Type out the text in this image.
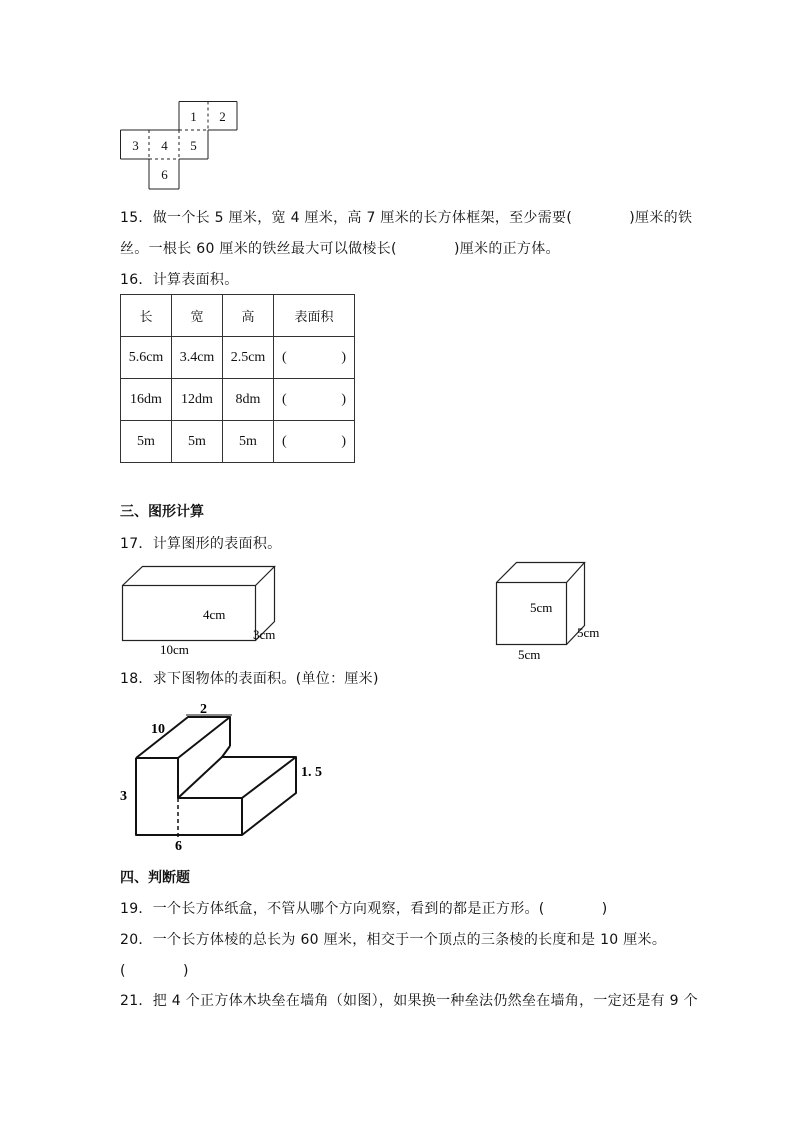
1	2
3	4	5
6
15．做一个长 5 厘米，宽 4 厘米，高 7 厘米的长方体框架，至少需要(　　　　)厘米的铁
丝。一根长 60 厘米的铁丝最大可以做棱长(　　　　)厘米的正方体。
16．计算表面积。
长	宽	高	表面积
5.6cm	3.4cm	2.5cm	( )

16dm	12dm	8dm	( )

5m	5m	5m	( )
三、图形计算
17．计算图形的表面积。
4cm
3cm
10cm
5cm
5cm
5cm
18．求下图物体的表面积。(单位：厘米)
2
10
1. 5
3
6
四、判断题
19．一个长方体纸盒，不管从哪个方向观察，看到的都是正方形。(　　　　)
20．一个长方体棱的总长为 60 厘米，相交于一个顶点的三条棱的长度和是 10 厘米。
(　　　　)
21．把 4 个正方体木块垒在墙角（如图），如果换一种垒法仍然垒在墙角，一定还是有 9 个
